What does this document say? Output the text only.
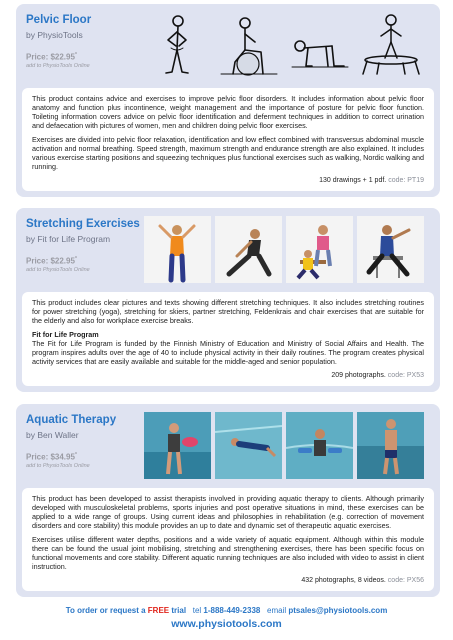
Pelvic Floor
by PhysioTools
Price: $22.95*
add to PhysioTools Online

This product contains advice and exercises to improve pelvic floor disorders. It includes information about pelvic floor anatomy and function plus incontinence, weight management and the importance of posture for pelvic floor function. Toileting information covers advice on pelvic floor identification and deferment techniques in addition to correct urination and defaecation with pictures of women, men and children doing pelvic floor exercises.

Exercises are divided into pelvic floor relaxation, identification and low effect combined with transversus abdominal muscle activation and normal breathing. Speed strength, maximum strength and endurance strength are also explained. It includes various exercise starting positions and squeezing techniques plus functional exercises such as walking, Nordic walking and running.

130 drawings + 1 pdf. code: PT19
Stretching Exercises
by Fit for Life Program
Price: $22.95*
add to PhysioTools Online

This product includes clear pictures and texts showing different stretching techniques. It also includes stretching routines for power stretching (yoga), stretching for skiers, partner stretching, Feldenkrais and chair exercises that are suitable for the elderly and also for workplace exercise breaks.

Fit for Life Program

The Fit for Life Program is funded by the Finnish Ministry of Education and Ministry of Social Affairs and Health. The program inspires adults over the age of 40 to include physical activity in their daily routines. The program creates physical activity services that are easily available and suitable for the middle-aged and senior population.

209 photographs. code: PX53
Aquatic Therapy
by Ben Waller
Price: $34.95*
add to PhysioTools Online

This product has been developed to assist therapists involved in providing aquatic therapy to clients. Although primarily developed with musculoskeletal problems, sports injuries and post operative situations in mind, these exercises can be applied to a wide range of groups. Using current ideas and philosophies in rehabilitation (e.g. correction of movement disorders and core stability) this module provides an up to date and dynamic set of therapeutic aquatic exercises.

Exercises utilise different water depths, positions and a wide variety of aquatic equipment. Although within this module there can be found the usual joint mobilising, stretching and strengthening exercises, there has been specific focus on functional movements and core stability. Different aquatic running techniques are also included with video to assist in client instruction.

432 photographs, 8 videos. code: PX56
To order or request a FREE trial tel 1-888-449-2338 email ptsales@physiotools.com
www.physiotools.com
